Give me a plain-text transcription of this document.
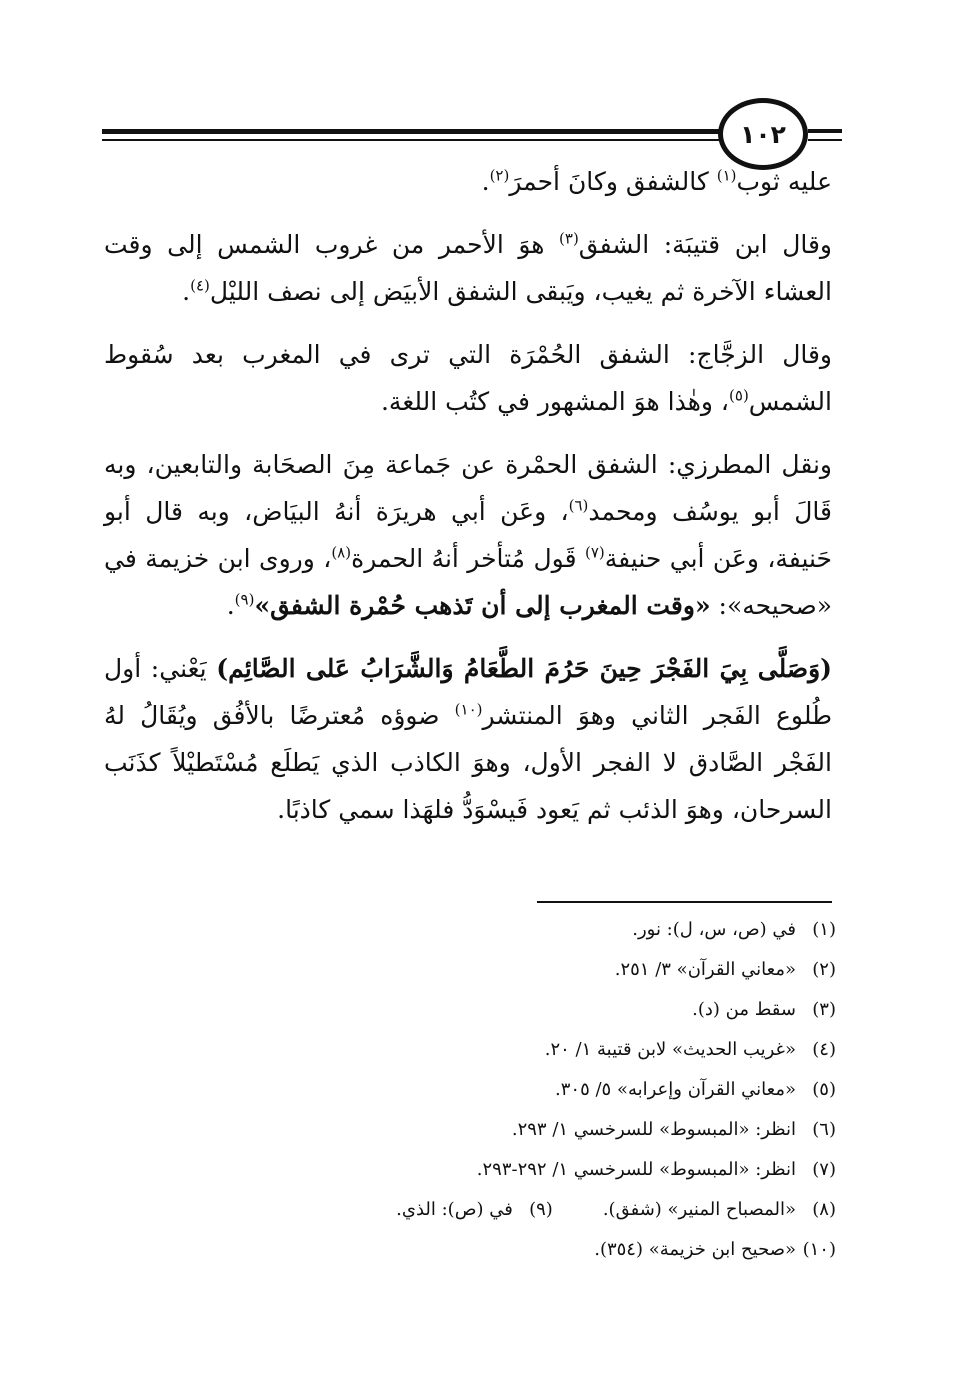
١٠٢

عليه ثوب$^{(١)}$ كالشفق وكانَ أحمرَ$^{(٢)}$.

وقال ابن قتيبَة: الشفق$^{(٣)}$ هوَ الأحمر من غروب الشمس إلى وقت العشاء الآخرة ثم يغيب، ويَبقى الشفق الأبيَض إلى نصف الليْل$^{(٤)}$.

وقال الزجَّاج: الشفق الحُمْرَة التي ترى في المغرب بعد سُقوط الشمس$^{(٥)}$، وهٰذا هوَ المشهور في كتُب اللغة.

ونقل المطرزي: الشفق الحمْرة عن جَماعة مِنَ الصحَابة والتابعين، وبه قَالَ أبو يوسُف ومحمد$^{(٦)}$، وعَن أبي هريرَة أنهُ البيَاض، وبه قال أبو حَنيفة، وعَن أبي حنيفة$^{(٧)}$ قَول مُتأخر أنهُ الحمرة$^{(٨)}$، وروى ابن خزيمة في «صحيحه»: «وقت المغرب إلى أن تَذهب حُمْرة الشفق»$^{(٩)}$.

(وَصَلَّى بِيَ الفَجْرَ حِينَ حَرُمَ الطَّعَامُ وَالشَّرَابُ عَلى الصَّائِم) يَعْني: أول طُلوع الفَجر الثاني وهوَ المنتشر$^{(١٠)}$ ضوؤه مُعترضًا بالأفُق ويُقَالُ لهُ الفَجْر الصَّادق لا الفجر الأول، وهوَ الكاذب الذي يَطلَع مُسْتَطيْلاً كذَنَب السرحان، وهوَ الذئب ثم يَعود فَيسْوَدُّ فلهَذا سمي كاذبًا.

(١)
في (ص، س، ل): نور.
(٢)
«معاني القرآن» ٣/ ٢٥١.
(٣)
سقط من (د).
(٤)
«غريب الحديث» لابن قتيبة ١/ ٢٠.
(٥)
«معاني القرآن وإعرابه» ٥/ ٣٠٥.
(٦)
انظر: «المبسوط» للسرخسي ١/ ٢٩٣.
(٧)
انظر: «المبسوط» للسرخسي ١/ ٢٩٢-٢٩٣.
(٨)
«المصباح المنير» (شفق).
(٩)
في (ص): الذي.
(١٠)
«صحيح ابن خزيمة» (٣٥٤).
